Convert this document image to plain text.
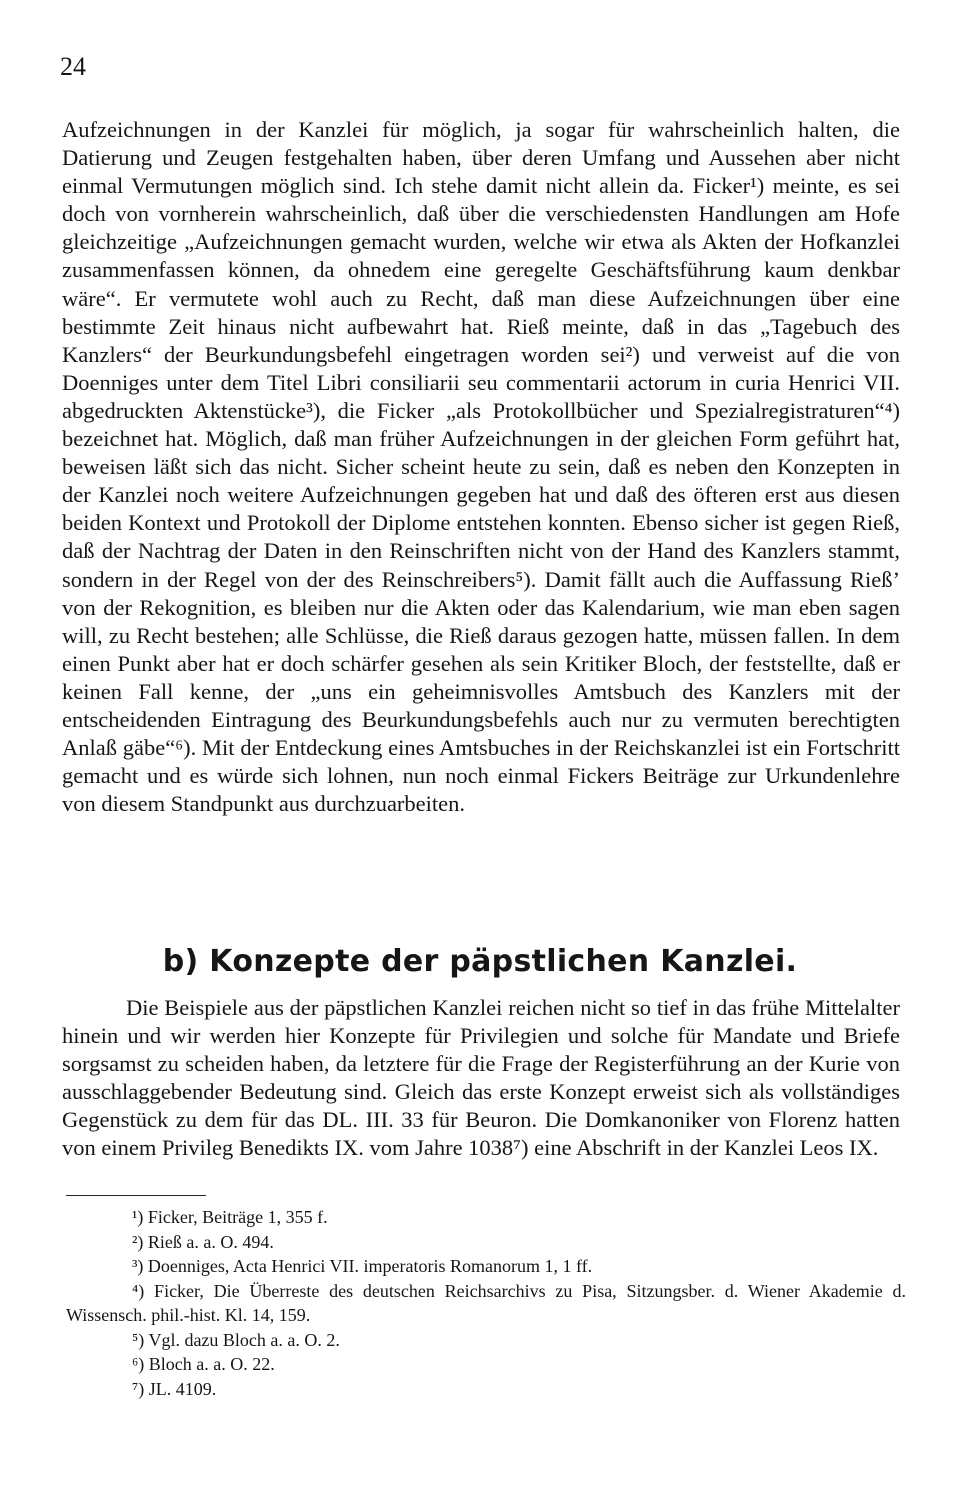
24

Aufzeichnungen in der Kanzlei für möglich, ja sogar für wahrscheinlich halten, die Datierung und Zeugen festgehalten haben, über deren Umfang und Aussehen aber nicht einmal Vermutungen möglich sind. Ich stehe damit nicht allein da. Ficker¹) meinte, es sei doch von vornherein wahrscheinlich, daß über die verschiedensten Handlungen am Hofe gleichzeitige „Aufzeichnungen gemacht wurden, welche wir etwa als Akten der Hofkanzlei zusammenfassen können, da ohnedem eine geregelte Geschäftsführung kaum denkbar wäre“. Er vermutete wohl auch zu Recht, daß man diese Aufzeichnungen über eine bestimmte Zeit hinaus nicht aufbewahrt hat. Rieß meinte, daß in das „Tagebuch des Kanzlers“ der Beurkundungsbefehl eingetragen worden sei²) und verweist auf die von Doenniges unter dem Titel Libri consiliarii seu commentarii actorum in curia Henrici VII. abgedruckten Aktenstücke³), die Ficker „als Protokollbücher und Spezialregistraturen“⁴) bezeichnet hat. Möglich, daß man früher Aufzeichnungen in der gleichen Form geführt hat, beweisen läßt sich das nicht. Sicher scheint heute zu sein, daß es neben den Konzepten in der Kanzlei noch weitere Aufzeichnungen gegeben hat und daß des öfteren erst aus diesen beiden Kontext und Protokoll der Diplome entstehen konnten. Ebenso sicher ist gegen Rieß, daß der Nachtrag der Daten in den Reinschriften nicht von der Hand des Kanzlers stammt, sondern in der Regel von der des Reinschreibers⁵). Damit fällt auch die Auffassung Rieß’ von der Rekognition, es bleiben nur die Akten oder das Kalendarium, wie man eben sagen will, zu Recht bestehen; alle Schlüsse, die Rieß daraus gezogen hatte, müssen fallen. In dem einen Punkt aber hat er doch schärfer gesehen als sein Kritiker Bloch, der feststellte, daß er keinen Fall kenne, der „uns ein geheimnisvolles Amtsbuch des Kanzlers mit der entscheidenden Eintragung des Beurkundungsbefehls auch nur zu vermuten berechtigten Anlaß gäbe“⁶). Mit der Entdeckung eines Amtsbuches in der Reichskanzlei ist ein Fortschritt gemacht und es würde sich lohnen, nun noch einmal Fickers Beiträge zur Urkundenlehre von diesem Standpunkt aus durchzuarbeiten.

b) Konzepte der päpstlichen Kanzlei.

Die Beispiele aus der päpstlichen Kanzlei reichen nicht so tief in das frühe Mittelalter hinein und wir werden hier Konzepte für Privilegien und solche für Mandate und Briefe sorgsamst zu scheiden haben, da letztere für die Frage der Registerführung an der Kurie von ausschlaggebender Bedeutung sind. Gleich das erste Konzept erweist sich als vollständiges Gegenstück zu dem für das DL. III. 33 für Beuron. Die Domkanoniker von Florenz hatten von einem Privileg Benedikts IX. vom Jahre 1038⁷) eine Abschrift in der Kanzlei Leos IX.

¹) Ficker, Beiträge 1, 355 f.
²) Rieß a. a. O. 494.
³) Doenniges, Acta Henrici VII. imperatoris Romanorum 1, 1 ff.
⁴) Ficker, Die Überreste des deutschen Reichsarchivs zu Pisa, Sitzungsber. d. Wiener Akademie d. Wissensch. phil.-hist. Kl. 14, 159.
⁵) Vgl. dazu Bloch a. a. O. 2.
⁶) Bloch a. a. O. 22.
⁷) JL. 4109.
